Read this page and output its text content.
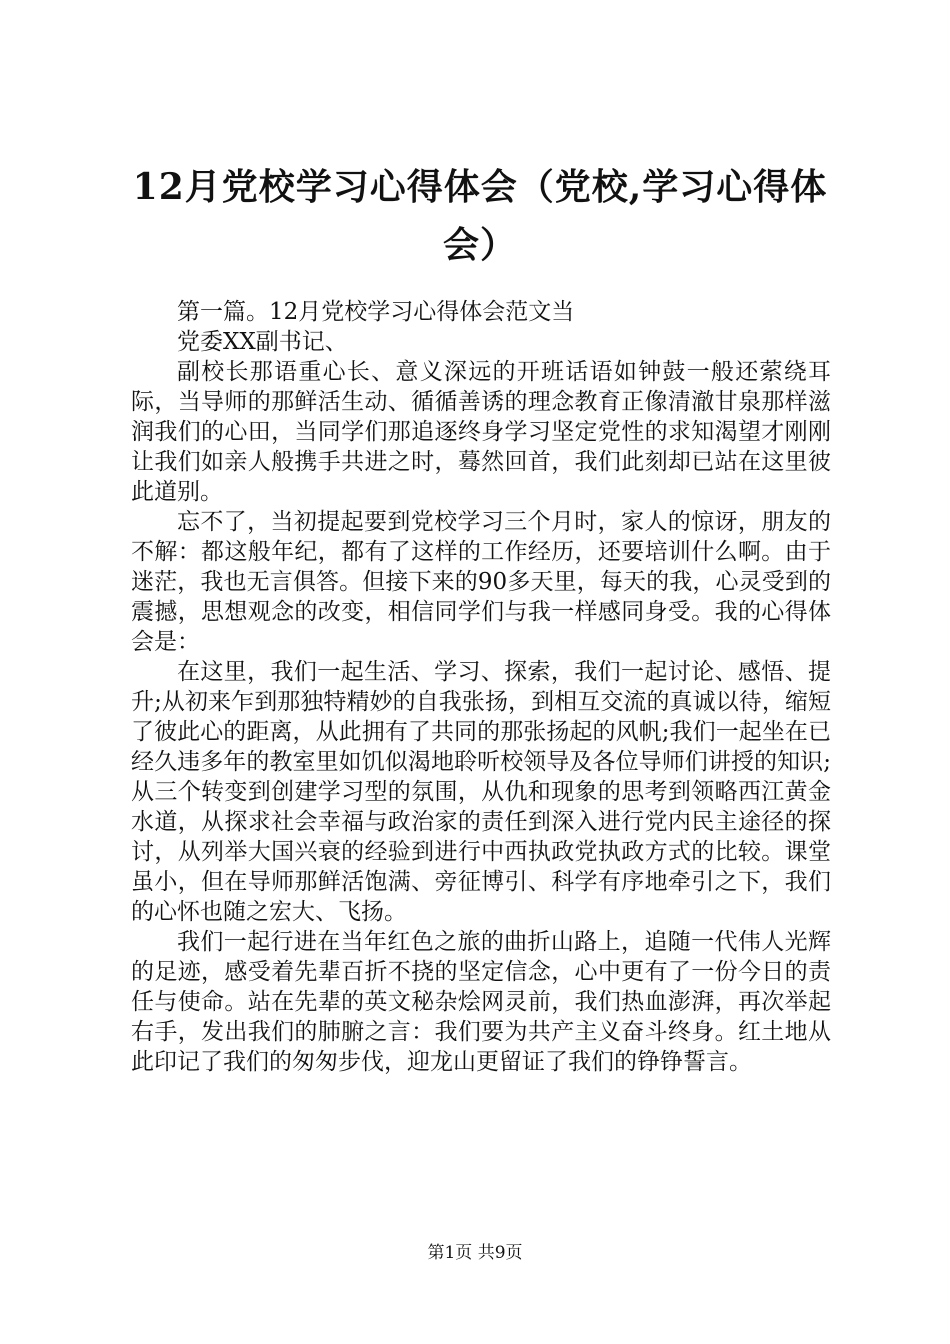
12月党校学习心得体会（党校,学习心得体会）

第一篇。12月党校学习心得体会范文当

党委XX副书记、

副校长那语重心长、意义深远的开班话语如钟鼓一般还萦绕耳际，当导师的那鲜活生动、循循善诱的理念教育正像清澈甘泉那样滋润我们的心田，当同学们那追逐终身学习坚定党性的求知渴望才刚刚让我们如亲人般携手共进之时，蓦然回首，我们此刻却已站在这里彼此道别。

忘不了，当初提起要到党校学习三个月时，家人的惊讶，朋友的不解：都这般年纪，都有了这样的工作经历，还要培训什么啊。由于迷茫，我也无言俱答。但接下来的90多天里，每天的我，心灵受到的震撼，思想观念的改变，相信同学们与我一样感同身受。我的心得体会是：

在这里，我们一起生活、学习、探索，我们一起讨论、感悟、提升;从初来乍到那独特精妙的自我张扬，到相互交流的真诚以待，缩短了彼此心的距离，从此拥有了共同的那张扬起的风帆;我们一起坐在已经久违多年的教室里如饥似渴地聆听校领导及各位导师们讲授的知识;从三个转变到创建学习型的氛围，从仇和现象的思考到领略西江黄金水道，从探求社会幸福与政治家的责任到深入进行党内民主途径的探讨，从列举大国兴衰的经验到进行中西执政党执政方式的比较。课堂虽小，但在导师那鲜活饱满、旁征博引、科学有序地牵引之下，我们的心怀也随之宏大、飞扬。

我们一起行进在当年红色之旅的曲折山路上，追随一代伟人光辉的足迹，感受着先辈百折不挠的坚定信念，心中更有了一份今日的责任与使命。站在先辈的英文秘杂烩网灵前，我们热血澎湃，再次举起右手，发出我们的肺腑之言：我们要为共产主义奋斗终身。红土地从此印记了我们的匆匆步伐，迎龙山更留证了我们的铮铮誓言。

第1页 共9页
